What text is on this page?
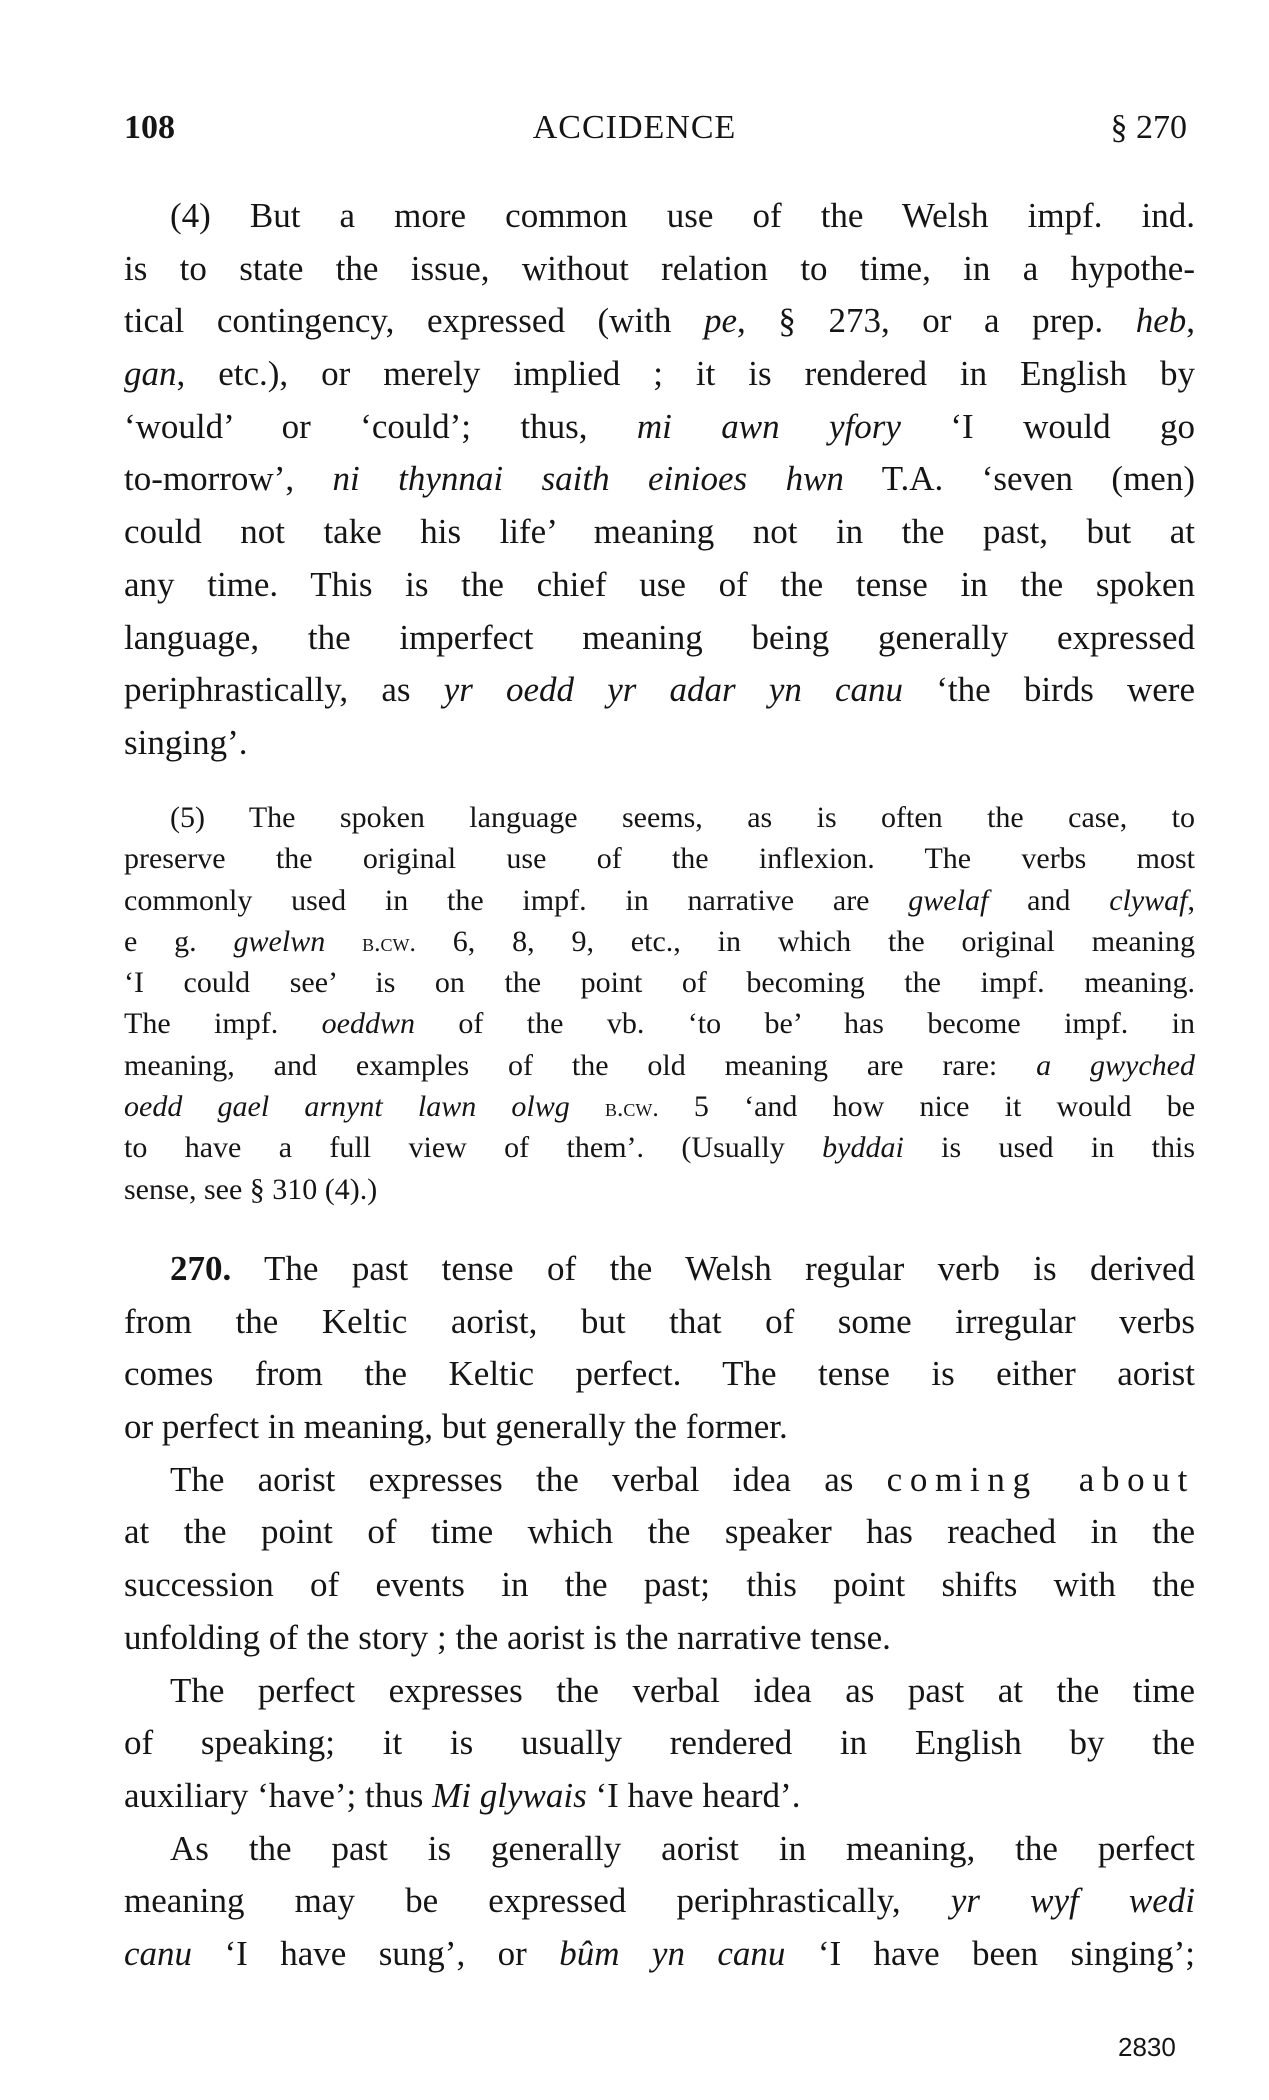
108	ACCIDENCE	§ 270
(4) But a more common use of the Welsh impf. ind.
is to state the issue, without relation to time, in a hypothe-
tical contingency, expressed (with pe, § 273, or a prep. heb,
gan, etc.), or merely implied ; it is rendered in English by
‘would’ or ‘could’; thus, mi awn yfory ‘I would go
to-morrow’, ni thynnai saith einioes hwn T.A. ‘seven (men)
could not take his life’ meaning not in the past, but at
any time. This is the chief use of the tense in the spoken
language, the imperfect meaning being generally expressed
periphrastically, as yr oedd yr adar yn canu ‘the birds were
singing’.
(5) The spoken language seems, as is often the case, to
preserve the original use of the inflexion. The verbs most
commonly used in the impf. in narrative are gwelaf and clywaf,
e g. gwelwn b.cw. 6, 8, 9, etc., in which the original meaning
‘I could see’ is on the point of becoming the impf. meaning.
The impf. oeddwn of the vb. ‘to be’ has become impf. in
meaning, and examples of the old meaning are rare: a gwyched
oedd gael arnynt lawn olwg b.cw. 5 ‘and how nice it would be
to have a full view of them’. (Usually byddai is used in this
sense, see § 310 (4).)
270. The past tense of the Welsh regular verb is derived
from the Keltic aorist, but that of some irregular verbs
comes from the Keltic perfect. The tense is either aorist
or perfect in meaning, but generally the former.
The aorist expresses the verbal idea as coming about
at the point of time which the speaker has reached in the
succession of events in the past; this point shifts with the
unfolding of the story ; the aorist is the narrative tense.
The perfect expresses the verbal idea as past at the time
of speaking; it is usually rendered in English by the
auxiliary ‘have’; thus Mi glywais ‘I have heard’.
As the past is generally aorist in meaning, the perfect
meaning may be expressed periphrastically, yr wyf wedi
canu ‘I have sung’, or bûm yn canu ‘I have been singing’;
2830
